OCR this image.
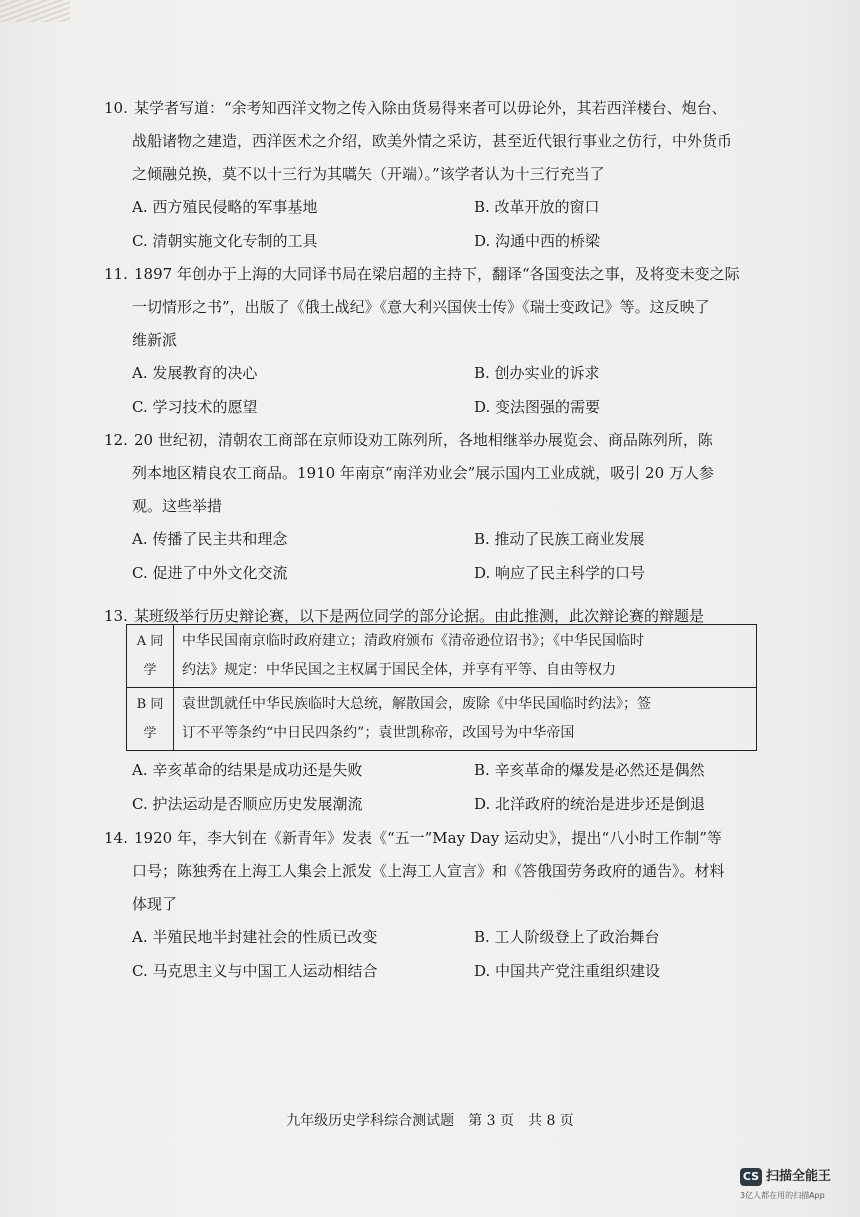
10. 某学者写道：“余考知西洋文物之传入除由货易得来者可以毋论外，其若西洋楼台、炮台、
战船诸物之建造，西洋医术之介绍，欧美外情之采访，甚至近代银行事业之仿行，中外货币
之倾融兑换，莫不以十三行为其嚆矢（开端）。”该学者认为十三行充当了

A. 西方殖民侵略的军事基地	B. 改革开放的窗口
C. 清朝实施文化专制的工具	D. 沟通中西的桥梁
11. 1897 年创办于上海的大同译书局在梁启超的主持下，翻译“各国变法之事，及将变未变之际
一切情形之书”，出版了《俄土战纪》《意大利兴国侠士传》《瑞士变政记》等。这反映了
维新派

A. 发展教育的决心	B. 创办实业的诉求
C. 学习技术的愿望	D. 变法图强的需要
12. 20 世纪初，清朝农工商部在京师设劝工陈列所，各地相继举办展览会、商品陈列所，陈
列本地区精良农工商品。1910 年南京“南洋劝业会”展示国内工业成就，吸引 20 万人参
观。这些举措

A. 传播了民主共和理念	B. 推动了民族工商业发展
C. 促进了中外文化交流	D. 响应了民主科学的口号
13. 某班级举行历史辩论赛，以下是两位同学的部分论据。由此推测，此次辩论赛的辩题是

A 同学	中华民国南京临时政府建立；清政府颁布《清帝逊位诏书》；《中华民国临时
约法》规定：中华民国之主权属于国民全体，并享有平等、自由等权力

B 同学	袁世凯就任中华民族临时大总统，解散国会，废除《中华民国临时约法》；签
订不平等条约“中日民四条约”；袁世凯称帝，改国号为中华帝国
A. 辛亥革命的结果是成功还是失败	B. 辛亥革命的爆发是必然还是偶然
C. 护法运动是否顺应历史发展潮流	D. 北洋政府的统治是进步还是倒退
14. 1920 年，李大钊在《新青年》发表《“五一”May Day 运动史》，提出“八小时工作制”等
口号；陈独秀在上海工人集会上派发《上海工人宣言》和《答俄国劳务政府的通告》。材料
体现了

A. 半殖民地半封建社会的性质已改变	B. 工人阶级登上了政治舞台
C. 马克思主义与中国工人运动相结合	D. 中国共产党注重组织建设
九年级历史学科综合测试题　第 3 页　共 8 页
CS 扫描全能王
3亿人都在用的扫描App
